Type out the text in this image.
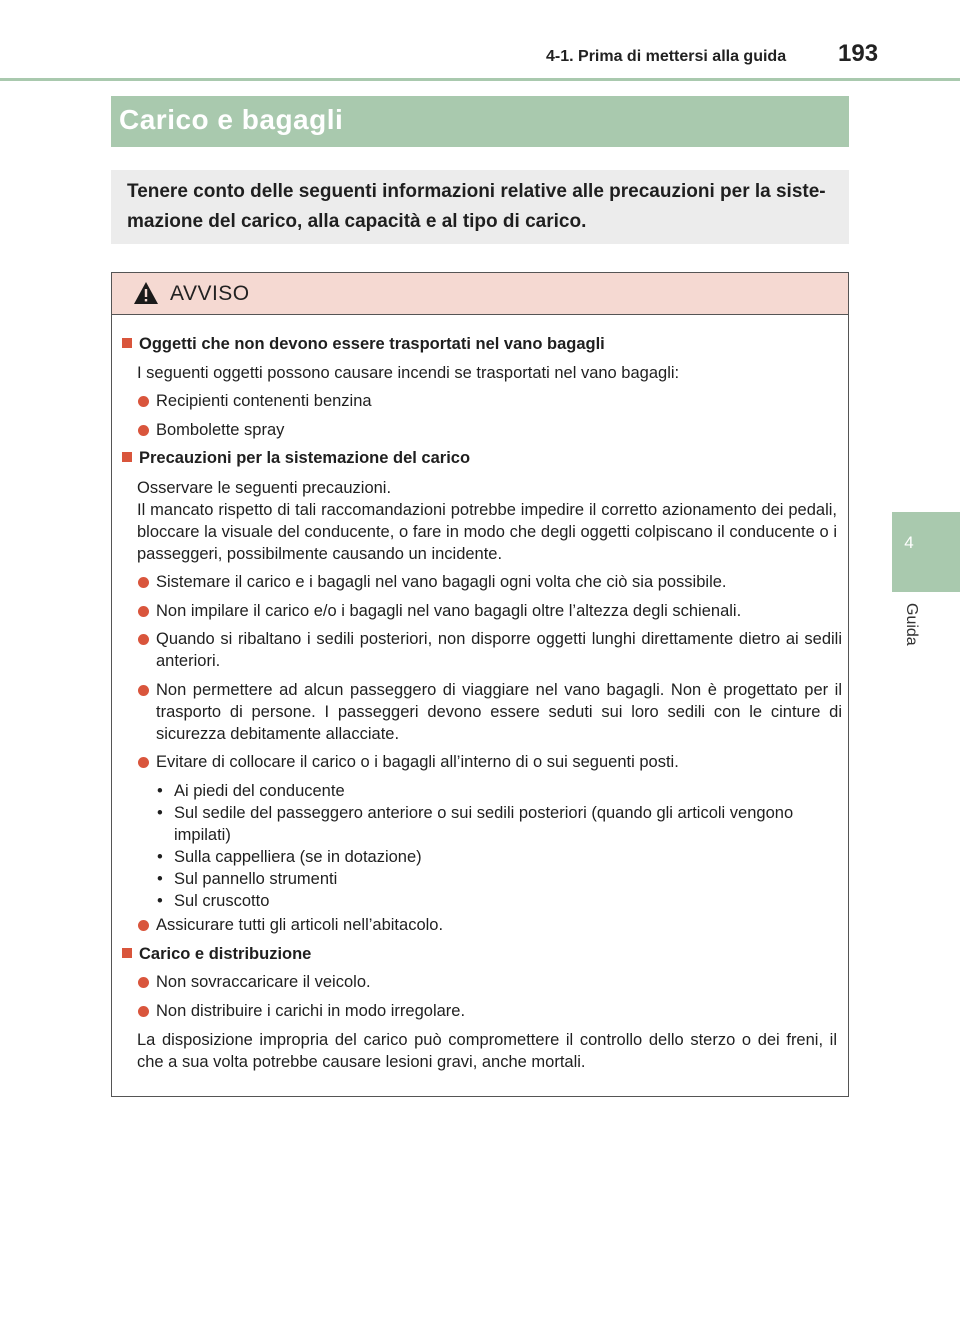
4-1. Prima di mettersi alla guida 193
4
Guida
Carico e bagagli
Tenere conto delle seguenti informazioni relative alle precauzioni per la siste-mazione del carico, alla capacità e al tipo di carico.
AVVISO
Oggetti che non devono essere trasportati nel vano bagagli
I seguenti oggetti possono causare incendi se trasportati nel vano bagagli:
Recipienti contenenti benzina
Bombolette spray
Precauzioni per la sistemazione del carico
Osservare le seguenti precauzioni.
Il mancato rispetto di tali raccomandazioni potrebbe impedire il corretto azionamento dei pedali, bloccare la visuale del conducente, o fare in modo che degli oggetti colpiscano il conducente o i passeggeri, possibilmente causando un incidente.
Sistemare il carico e i bagagli nel vano bagagli ogni volta che ciò sia possibile.
Non impilare il carico e/o i bagagli nel vano bagagli oltre l’altezza degli schienali.
Quando si ribaltano i sedili posteriori, non disporre oggetti lunghi direttamente dietro ai sedili anteriori.
Non permettere ad alcun passeggero di viaggiare nel vano bagagli. Non è progettato per il trasporto di persone. I passeggeri devono essere seduti sui loro sedili con le cinture di sicurezza debitamente allacciate.
Evitare di collocare il carico o i bagagli all’interno di o sui seguenti posti.
• Ai piedi del conducente
• Sul sedile del passeggero anteriore o sui sedili posteriori (quando gli articoli vengono impilati)
• Sulla cappelliera (se in dotazione)
• Sul pannello strumenti
• Sul cruscotto
Assicurare tutti gli articoli nell’abitacolo.
Carico e distribuzione
Non sovraccaricare il veicolo.
Non distribuire i carichi in modo irregolare.
La disposizione impropria del carico può compromettere il controllo dello sterzo o dei freni, il che a sua volta potrebbe causare lesioni gravi, anche mortali.
